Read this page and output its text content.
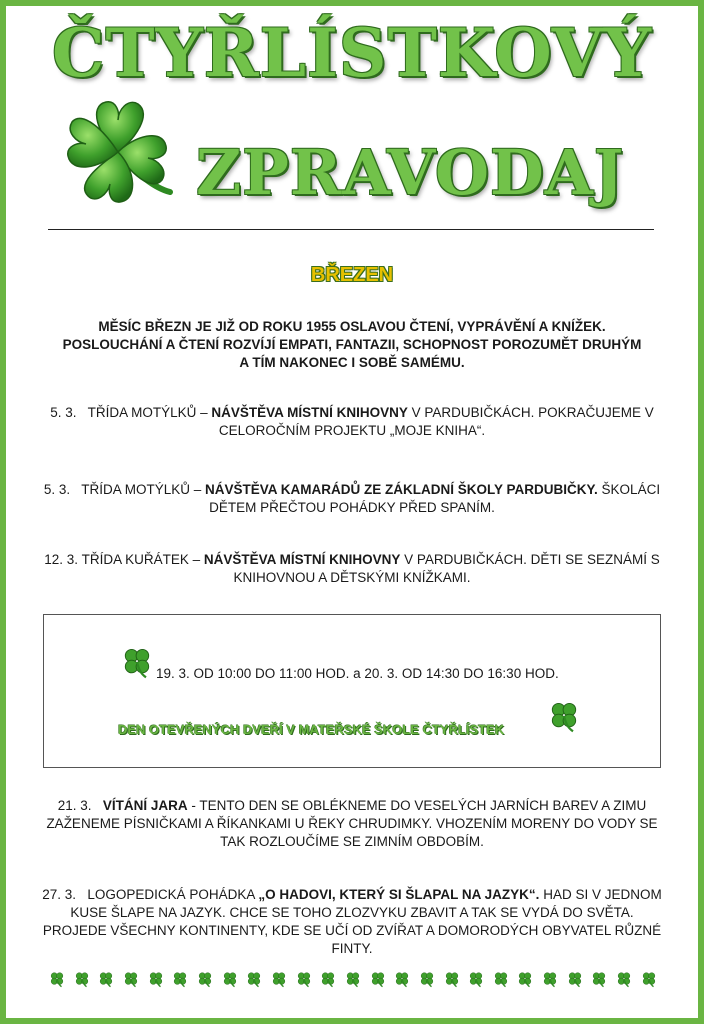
ČTYŘLÍSTKOVÝ
ZPRAVODAJ
BŘEZEN
MĚSÍC BŘEZN JE JIŽ OD ROKU 1955 OSLAVOU ČTENÍ, VYPRÁVĚNÍ A KNÍŽEK. POSLOUCHÁNÍ A ČTENÍ ROZVÍJÍ EMPATI, FANTAZII, SCHOPNOST POROZUMĚT DRUHÝM A TÍM NAKONEC I SOBĚ SAMÉMU.
5. 3. TŘÍDA MOTÝLKŮ – NÁVŠTĚVA MÍSTNÍ KNIHOVNY V PARDUBIČKÁCH. POKRAČUJEME V CELOROČNÍM PROJEKTU „MOJE KNIHA“.
5. 3. TŘÍDA MOTÝLKŮ – NÁVŠTĚVA KAMARÁDŮ ZE ZÁKLADNÍ ŠKOLY PARDUBIČKY. ŠKOLÁCI DĚTEM PŘEČTOU POHÁDKY PŘED SPANÍM.
12. 3. TŘÍDA KUŘÁTEK – NÁVŠTĚVA MÍSTNÍ KNIHOVNY V PARDUBIČKÁCH. DĚTI SE SEZNÁMÍ S KNIHOVNOU A DĚTSKÝMI KNÍŽKAMI.
19. 3. OD 10:00 DO 11:00 HOD. a 20. 3. OD 14:30 DO 16:30 HOD.
DEN OTEVŘENÝCH DVEŘÍ V MATEŘSKÉ ŠKOLE ČTYŘLÍSTEK
21. 3. VÍTÁNÍ JARA - TENTO DEN SE OBLÉKNEME DO VESELÝCH JARNÍCH BAREV A ZIMU ZAŽENEME PÍSNIČKAMI A ŘÍKANKAMI U ŘEKY CHRUDIMKY. VHOZENÍM MORENY DO VODY SE TAK ROZLOUČÍME SE ZIMNÍM OBDOBÍM.
27. 3. LOGOPEDICKÁ POHÁDKA „O HADOVI, KTERÝ SI ŠLAPAL NA JAZYK“. HAD SI V JEDNOM KUSE ŠLAPE NA JAZYK. CHCE SE TOHO ZLOZVYKU ZBAVIT A TAK SE VYDÁ DO SVĚTA. PROJEDE VŠECHNY KONTINENTY, KDE SE UČÍ OD ZVÍŘAT A DOMORODÝCH OBYVATEL RŮZNÉ FINTY.
